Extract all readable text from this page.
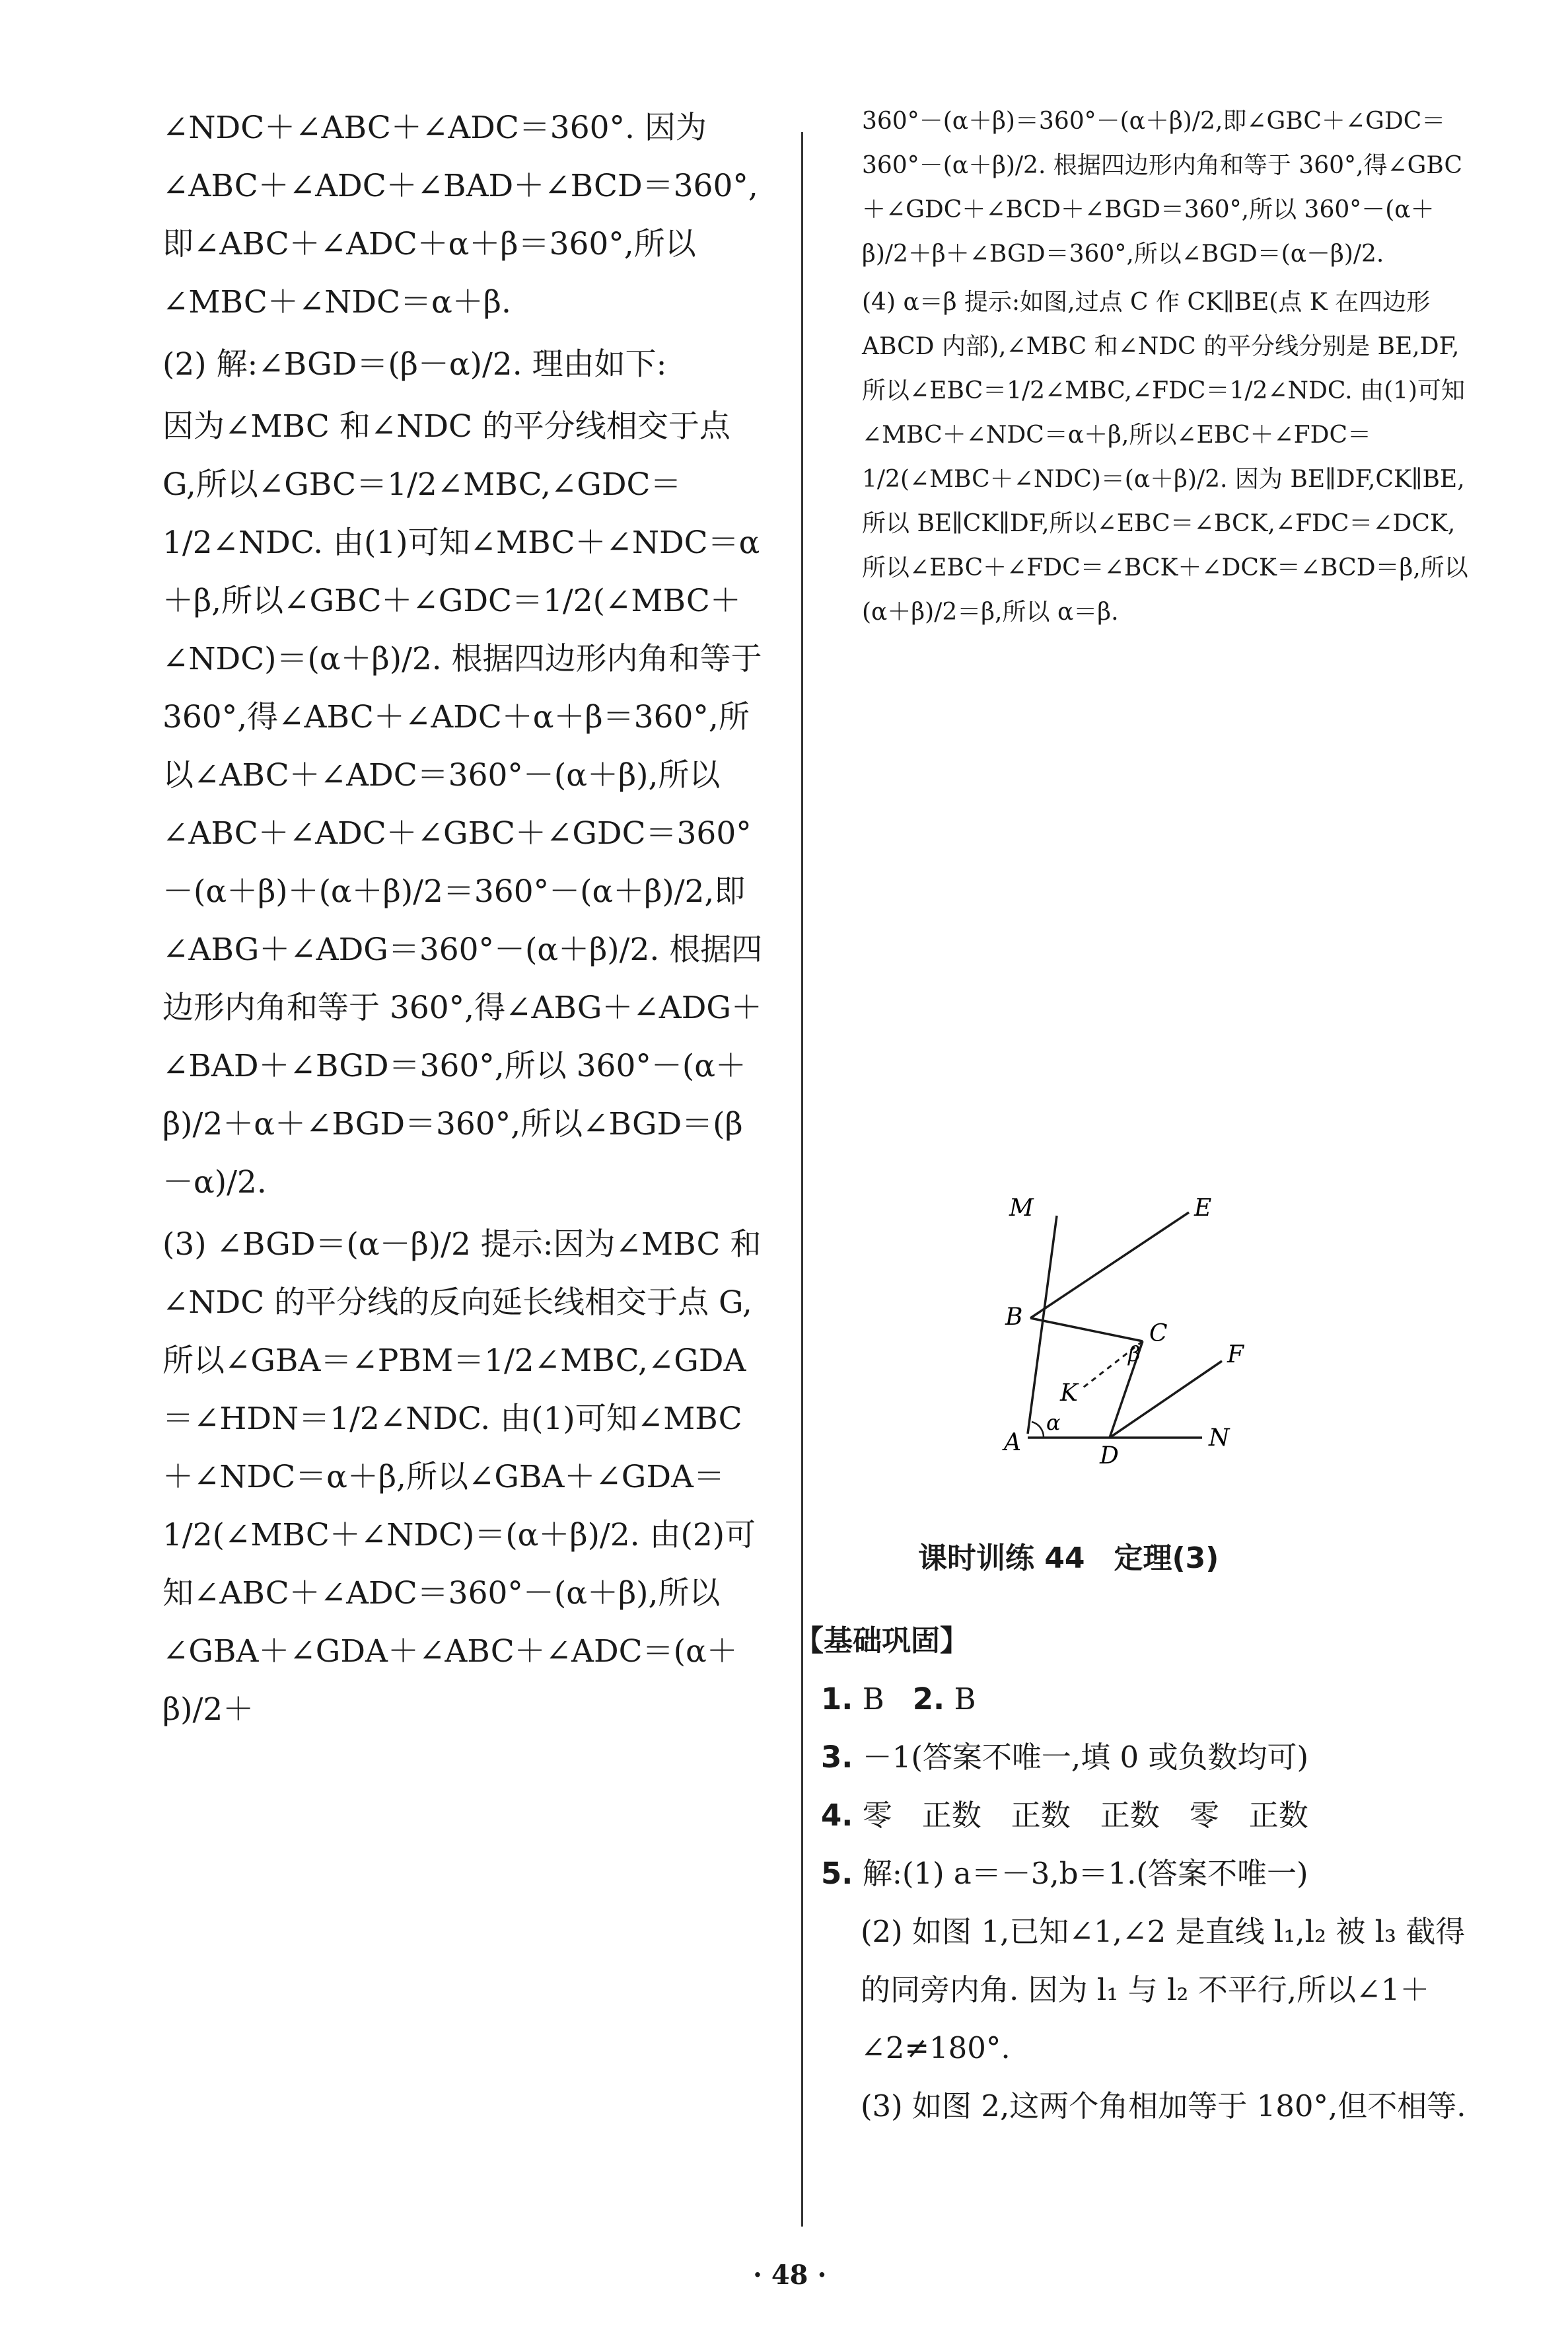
∠NDC＋∠ABC＋∠ADC＝360°. 因为∠ABC＋∠ADC＋∠BAD＋∠BCD＝360°,即∠ABC＋∠ADC＋α＋β＝360°,所以∠MBC＋∠NDC＝α＋β.

(2) 解:∠BGD＝(β－α)/2. 理由如下:

因为∠MBC 和∠NDC 的平分线相交于点 G,所以∠GBC＝1/2∠MBC,∠GDC＝1/2∠NDC. 由(1)可知∠MBC＋∠NDC＝α＋β,所以∠GBC＋∠GDC＝1/2(∠MBC＋∠NDC)＝(α＋β)/2. 根据四边形内角和等于 360°,得∠ABC＋∠ADC＋α＋β＝360°,所以∠ABC＋∠ADC＝360°－(α＋β),所以∠ABC＋∠ADC＋∠GBC＋∠GDC＝360°－(α＋β)＋(α＋β)/2＝360°－(α＋β)/2,即∠ABG＋∠ADG＝360°－(α＋β)/2. 根据四边形内角和等于 360°,得∠ABG＋∠ADG＋∠BAD＋∠BGD＝360°,所以 360°－(α＋β)/2＋α＋∠BGD＝360°,所以∠BGD＝(β－α)/2.

(3) ∠BGD＝(α－β)/2 提示:因为∠MBC 和∠NDC 的平分线的反向延长线相交于点 G,所以∠GBA＝∠PBM＝1/2∠MBC,∠GDA＝∠HDN＝1/2∠NDC. 由(1)可知∠MBC＋∠NDC＝α＋β,所以∠GBA＋∠GDA＝1/2(∠MBC＋∠NDC)＝(α＋β)/2. 由(2)可知∠ABC＋∠ADC＝360°－(α＋β),所以∠GBA＋∠GDA＋∠ABC＋∠ADC＝(α＋β)/2＋

360°－(α＋β)＝360°－(α＋β)/2,即∠GBC＋∠GDC＝360°－(α＋β)/2. 根据四边形内角和等于 360°,得∠GBC＋∠GDC＋∠BCD＋∠BGD＝360°,所以 360°－(α＋β)/2＋β＋∠BGD＝360°,所以∠BGD＝(α－β)/2.

(4) α＝β 提示:如图,过点 C 作 CK∥BE(点 K 在四边形 ABCD 内部),∠MBC 和∠NDC 的平分线分别是 BE,DF,所以∠EBC＝1/2∠MBC,∠FDC＝1/2∠NDC. 由(1)可知∠MBC＋∠NDC＝α＋β,所以∠EBC＋∠FDC＝1/2(∠MBC＋∠NDC)＝(α＋β)/2. 因为 BE∥DF,CK∥BE,所以 BE∥CK∥DF,所以∠EBC＝∠BCK,∠FDC＝∠DCK,所以∠EBC＋∠FDC＝∠BCK＋∠DCK＝∠BCD＝β,所以(α＋β)/2＝β,所以 α＝β.

M	E
B
C
β	F
K
α
A	D
N
课时训练 44　定理(3)
【基础巩固】
1. B 2. B
3. －1(答案不唯一,填 0 或负数均可)
4. 零　正数　正数　正数　零　正数
5. 解:(1) a＝－3,b＝1.(答案不唯一)
(2) 如图 1,已知∠1,∠2 是直线 l₁,l₂ 被 l₃ 截得的同旁内角. 因为 l₁ 与 l₂ 不平行,所以∠1＋∠2≠180°.
(3) 如图 2,这两个角相加等于 180°,但不相等.
· 48 ·
